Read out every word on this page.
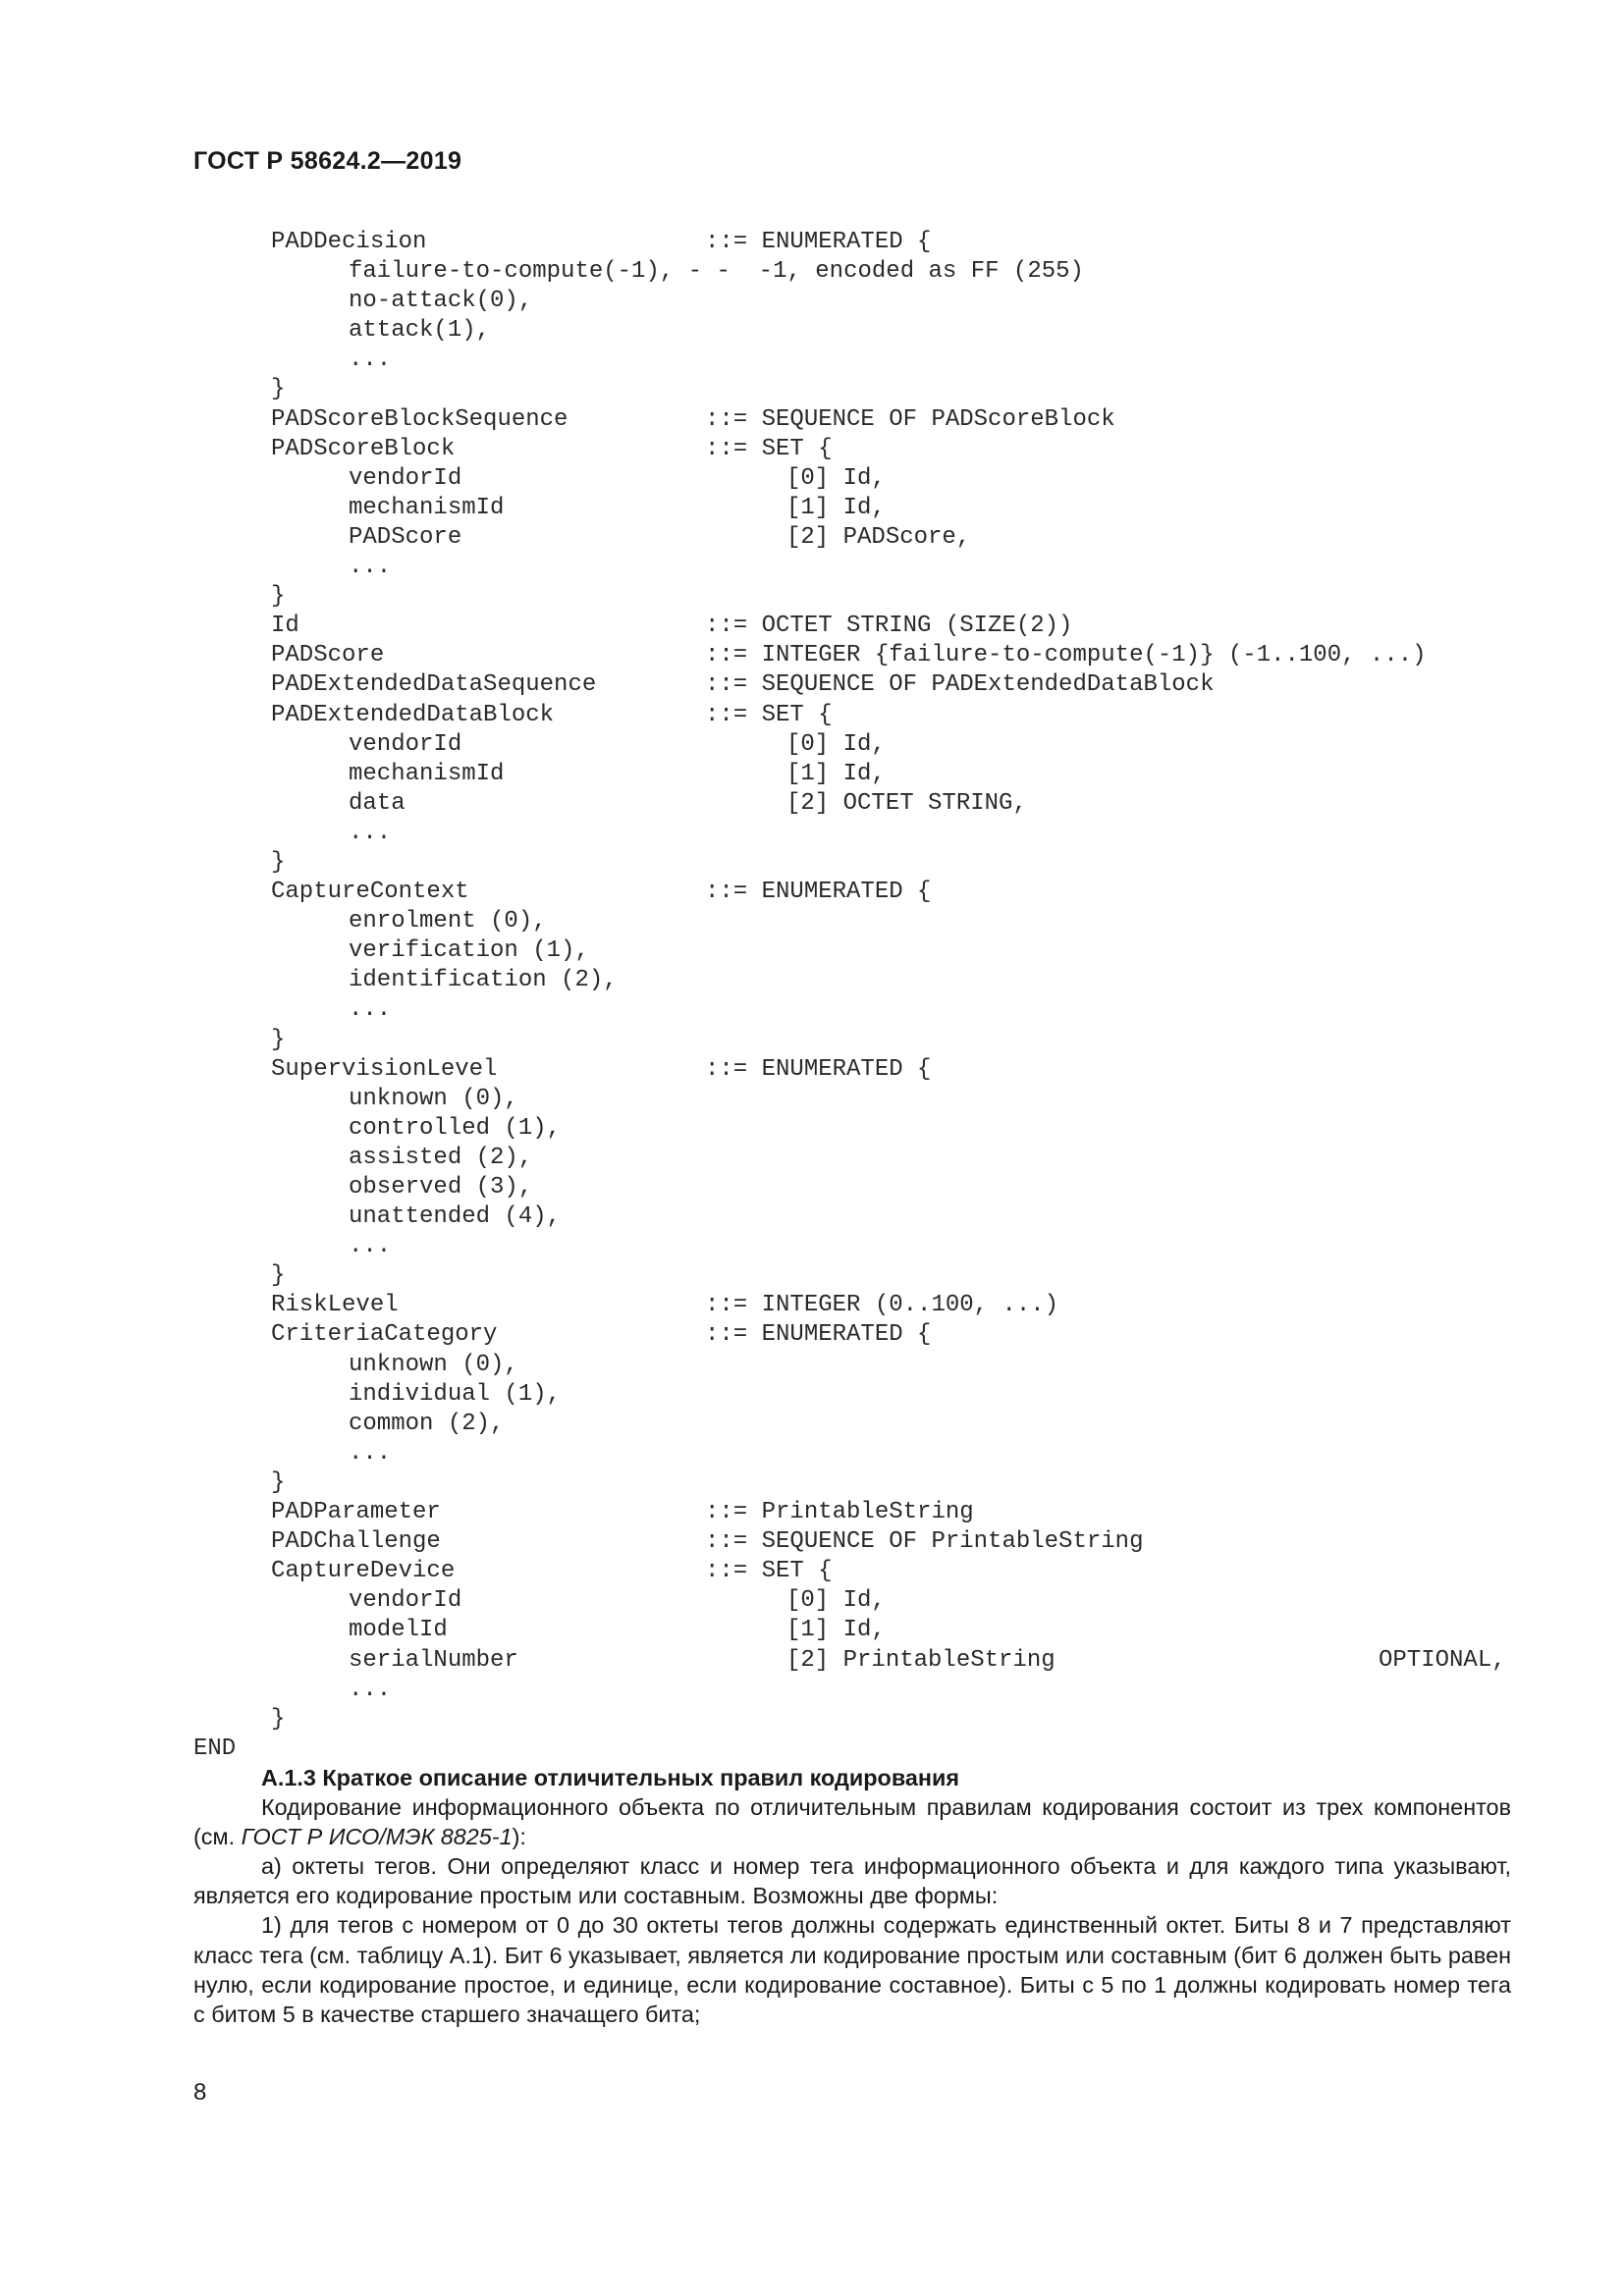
ГОСТ Р 58624.2—2019
PADDecision	::= ENUMERATED {
failure-to-compute(-1), - -  -1, encoded as FF (255)
no-attack(0),
attack(1),
...
}
PADScoreBlockSequence	::= SEQUENCE OF PADScoreBlock
PADScoreBlock	::= SET {
vendorId	[0] Id,
mechanismId	[1] Id,
PADScore	[2] PADScore,
...
}
Id	::= OCTET STRING (SIZE(2))
PADScore	::= INTEGER {failure-to-compute(-1)} (-1..100, ...)
PADExtendedDataSequence	::= SEQUENCE OF PADExtendedDataBlock
PADExtendedDataBlock	::= SET {
vendorId	[0] Id,
mechanismId	[1] Id,
data	[2] OCTET STRING,
...
}
CaptureContext	::= ENUMERATED {
enrolment (0),
verification (1),
identification (2),
...
}
SupervisionLevel	::= ENUMERATED {
unknown (0),
controlled (1),
assisted (2),
observed (3),
unattended (4),
...
}
RiskLevel	::= INTEGER (0..100, ...)
CriteriaCategory	::= ENUMERATED {
unknown (0),
individual (1),
common (2),
...
}
PADParameter	::= PrintableString
PADChallenge	::= SEQUENCE OF PrintableString
CaptureDevice	::= SET {
vendorId	[0] Id,
modelId	[1] Id,
serialNumber	[2] PrintableString	OPTIONAL,
...
}
END

A.1.3 Краткое описание отличительных правил кодирования

Кодирование информационного объекта по отличительным правилам кодирования состоит из трех компонентов (см. ГОСТ Р ИСО/МЭК 8825-1):

а) октеты тегов. Они определяют класс и номер тега информационного объекта и для каждого типа указывают, является его кодирование простым или составным. Возможны две формы:

1) для тегов с номером от 0 до 30 октеты тегов должны содержать единственный октет. Биты 8 и 7 представляют класс тега (см. таблицу А.1). Бит 6 указывает, является ли кодирование простым или составным (бит 6 должен быть равен нулю, если кодирование простое, и единице, если кодирование составное). Биты с 5 по 1 должны кодировать номер тега с битом 5 в качестве старшего значащего бита;

8
